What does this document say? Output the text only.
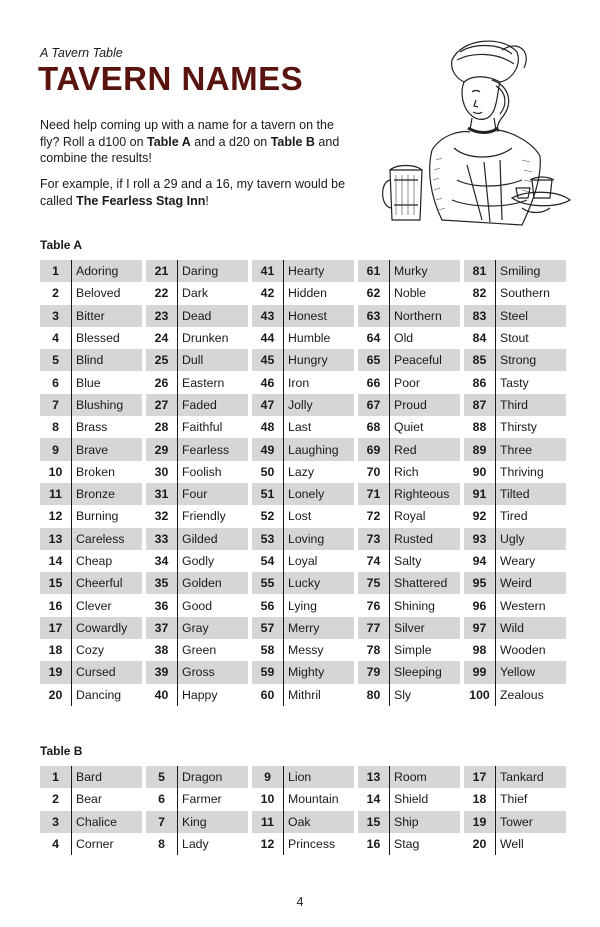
A Tavern Table
TAVERN NAMES

Need help coming up with a name for a tavern on the fly? Roll a d100 on Table A and a d20 on Table B and combine the results!

For example, if I roll a 29 and a 16, my tavern would be called The Fearless Stag Inn!

Table A
1	Adoring
2	Beloved
3	Bitter
4	Blessed
5	Blind
6	Blue
7	Blushing
8	Brass
9	Brave
10	Broken
11	Bronze
12	Burning
13	Careless
14	Cheap
15	Cheerful
16	Clever
17	Cowardly
18	Cozy
19	Cursed
20	Dancing
21	Daring
22	Dark
23	Dead
24	Drunken
25	Dull
26	Eastern
27	Faded
28	Faithful
29	Fearless
30	Foolish
31	Four
32	Friendly
33	Gilded
34	Godly
35	Golden
36	Good
37	Gray
38	Green
39	Gross
40	Happy
41	Hearty
42	Hidden
43	Honest
44	Humble
45	Hungry
46	Iron
47	Jolly
48	Last
49	Laughing
50	Lazy
51	Lonely
52	Lost
53	Loving
54	Loyal
55	Lucky
56	Lying
57	Merry
58	Messy
59	Mighty
60	Mithril
61	Murky
62	Noble
63	Northern
64	Old
65	Peaceful
66	Poor
67	Proud
68	Quiet
69	Red
70	Rich
71	Righteous
72	Royal
73	Rusted
74	Salty
75	Shattered
76	Shining
77	Silver
78	Simple
79	Sleeping
80	Sly
81	Smiling
82	Southern
83	Steel
84	Stout
85	Strong
86	Tasty
87	Third
88	Thirsty
89	Three
90	Thriving
91	Tilted
92	Tired
93	Ugly
94	Weary
95	Weird
96	Western
97	Wild
98	Wooden
99	Yellow
100 Zealous
Table B
1	Bard
2	Bear
3	Chalice
4	Corner
5	Dragon
6	Farmer
7	King
8	Lady
9	Lion
10	Mountain
11	Oak
12	Princess
13	Room
14	Shield
15	Ship
16	Stag
17	Tankard
18	Thief
19	Tower
20	Well
4
